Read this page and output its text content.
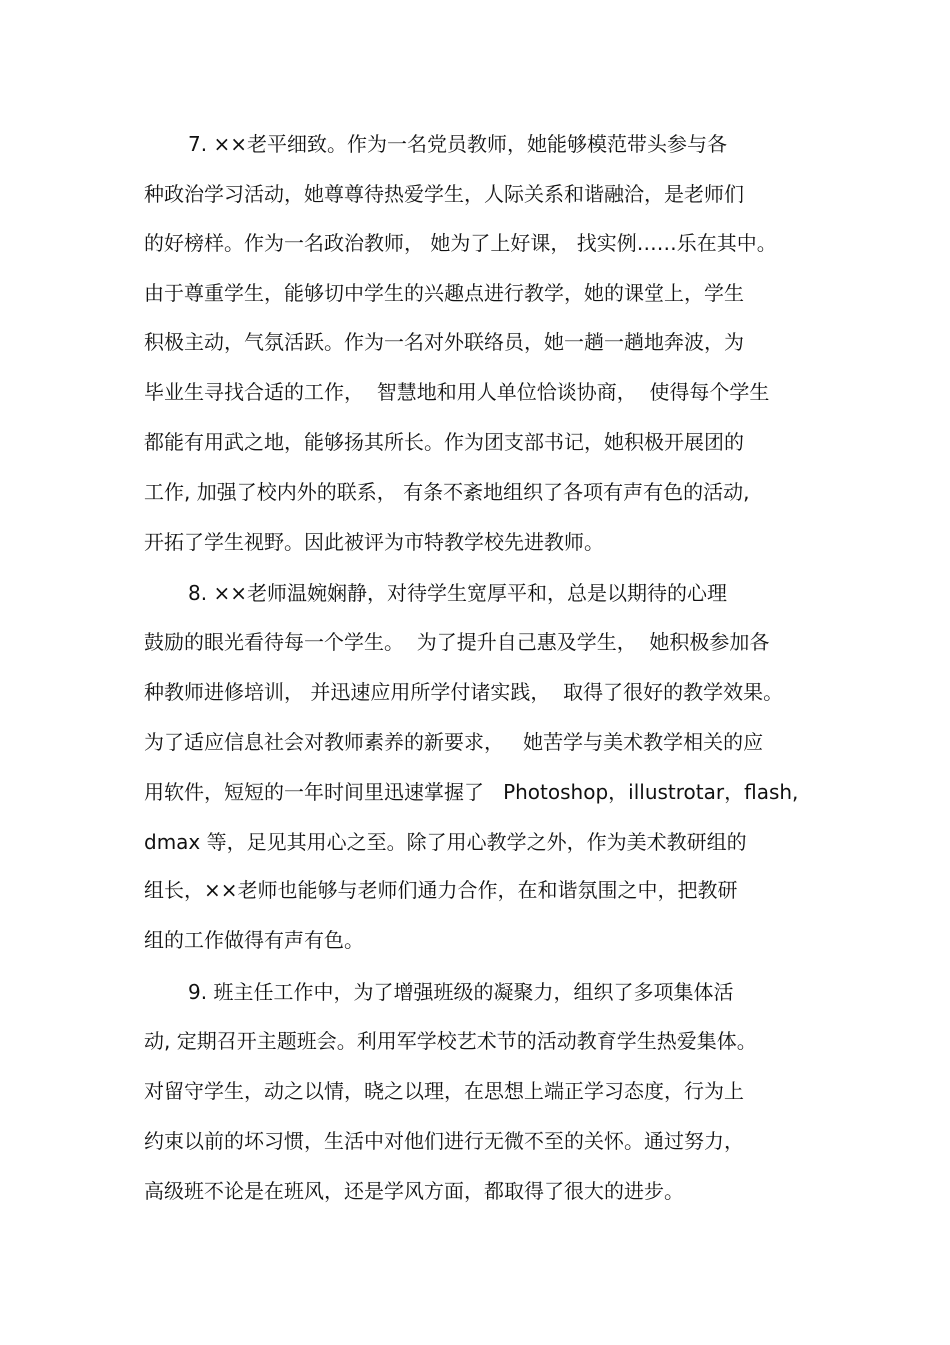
7. ××老平细致。作为一名党员教师，她能够模范带头参与各
种政治学习活动，她尊尊待热爱学生，人际关系和谐融洽，是老师们
的好榜样。作为一名政治教师， 她为了上好课， 找实例……乐在其中。
由于尊重学生，能够切中学生的兴趣点进行教学，她的课堂上，学生
积极主动，气氛活跃。作为一名对外联络员，她一趟一趟地奔波，为
毕业生寻找合适的工作，  智慧地和用人单位恰谈协商，  使得每个学生
都能有用武之地，能够扬其所长。作为团支部书记，她积极开展团的
工作, 加强了校内外的联系， 有条不紊地组织了各项有声有色的活动,
开拓了学生视野。因此被评为市特教学校先进教师。
8. ××老师温婉娴静，对待学生宽厚平和，总是以期待的心理
鼓励的眼光看待每一个学生。  为了提升自己惠及学生，  她积极参加各
种教师进修培训， 并迅速应用所学付诸实践，  取得了很好的教学效果。
为了适应信息社会对教师素养的新要求，   她苦学与美术教学相关的应
用软件，短短的一年时间里迅速掌握了   Photoshop，illustrotar，flash,
dmax 等，足见其用心之至。除了用心教学之外，作为美术教研组的
组长，××老师也能够与老师们通力合作，在和谐氛围之中，把教研
组的工作做得有声有色。
9. 班主任工作中，为了增强班级的凝聚力，组织了多项集体活
动, 定期召开主题班会。利用军学校艺术节的活动教育学生热爱集体。
对留守学生，动之以情，晓之以理，在思想上端正学习态度，行为上
约束以前的坏习惯，生活中对他们进行无微不至的关怀。通过努力，
高级班不论是在班风，还是学风方面，都取得了很大的进步。
